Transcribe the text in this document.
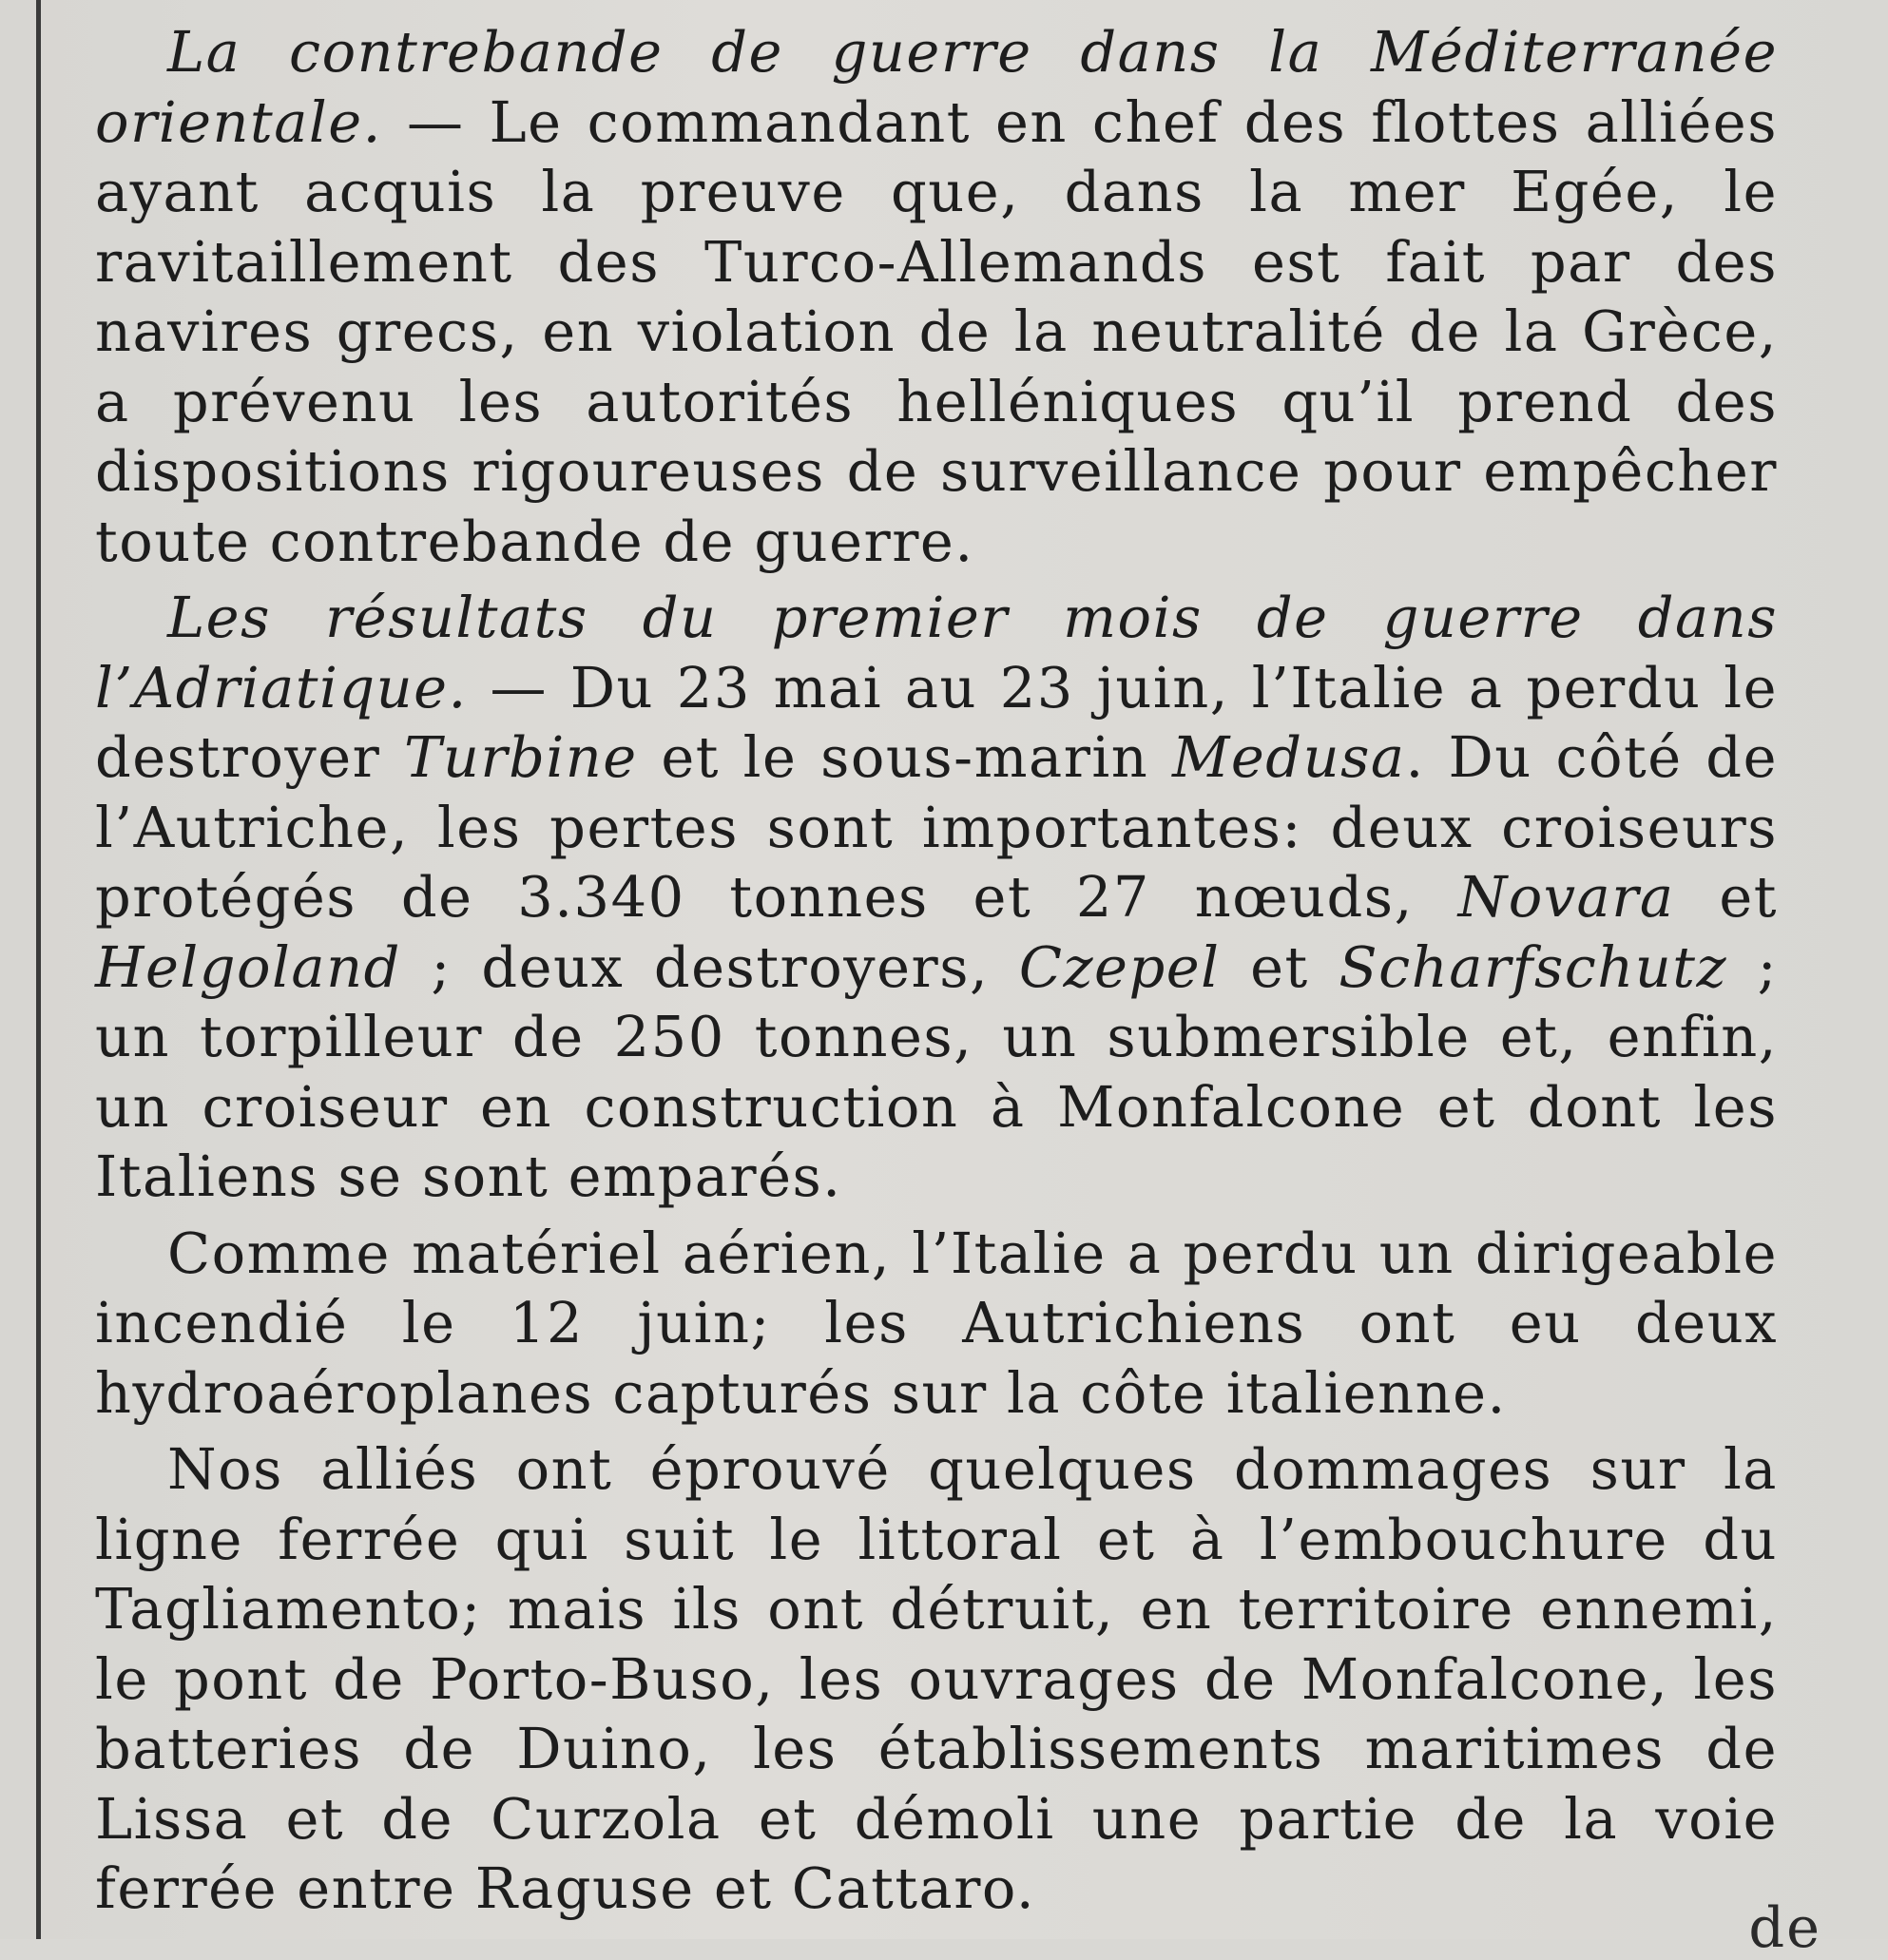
La contrebande de guerre dans la Méditerranée orientale. — Le commandant en chef des flottes alliées ayant acquis la preuve que, dans la mer Egée, le ravitaillement des Turco-Allemands est fait par des navires grecs, en violation de la neutralité de la Grèce, a prévenu les autorités helléniques qu’il prend des dispositions rigoureuses de surveillance pour empêcher toute contrebande de guerre.

Les résultats du premier mois de guerre dans l’Adriatique. — Du 23 mai au 23 juin, l’Italie a perdu le destroyer Turbine et le sous-marin Medusa. Du côté de l’Autriche, les pertes sont importantes: deux croiseurs protégés de 3.340 tonnes et 27 nœuds, Novara et Helgoland ; deux destroyers, Czepel et Scharfschutz ; un torpilleur de 250 tonnes, un submersible et, enfin, un croiseur en construction à Monfalcone et dont les Italiens se sont emparés.

Comme matériel aérien, l’Italie a perdu un dirigeable incendié le 12 juin; les Autrichiens ont eu deux hydroaéroplanes capturés sur la côte italienne.

Nos alliés ont éprouvé quelques dommages sur la ligne ferrée qui suit le littoral et à l’embouchure du Tagliamento; mais ils ont détruit, en territoire ennemi, le pont de Porto-Buso, les ouvrages de Monfalcone, les batteries de Duino, les établissements maritimes de Lissa et de Curzola et démoli une partie de la voie ferrée entre Raguse et Cattaro.

de
